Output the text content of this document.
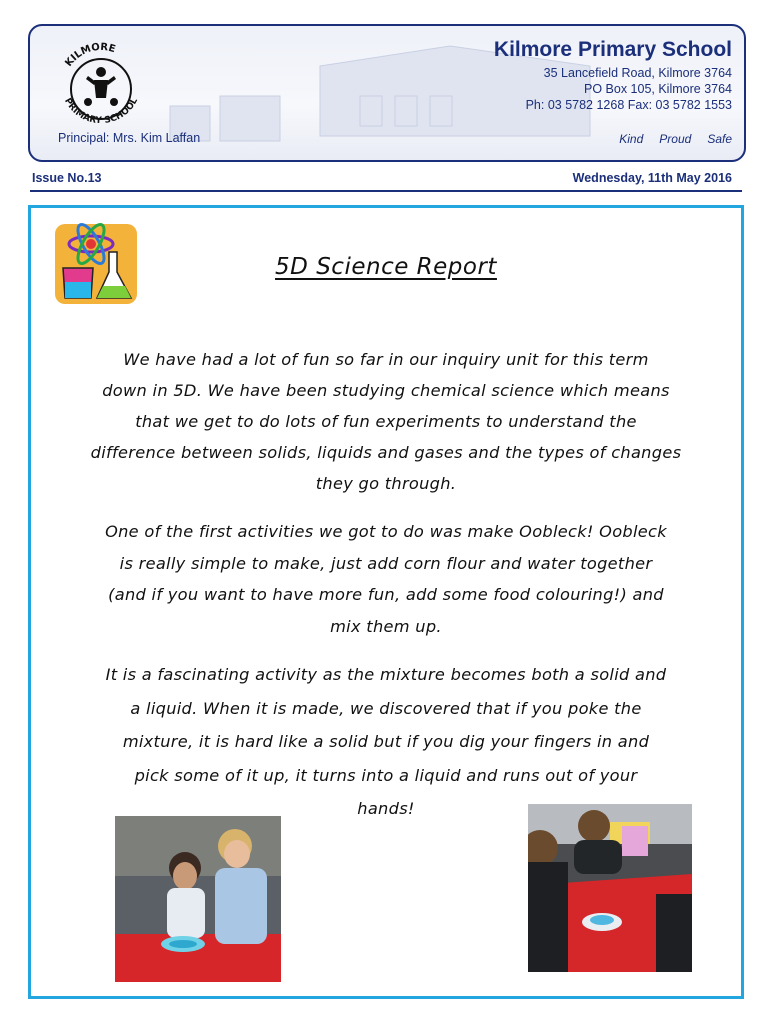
KILMORE
PRIMARY SCHOOL
Kilmore Primary School
35 Lancefield Road, Kilmore 3764
PO Box 105, Kilmore 3764
Ph: 03 5782 1268 Fax: 03 5782 1553
Principal: Mrs. Kim Laffan	Kind Proud Safe
Issue No.13	Wednesday, 11th May 2016
5D Science Report
We have had a lot of fun so far in our inquiry unit for this term
down in 5D. We have been studying chemical science which means
that we get to do lots of fun experiments to understand the
difference between solids, liquids and gases and the types of changes
they go through.
One of the first activities we got to do was make Oobleck! Oobleck
is really simple to make, just add corn flour and water together
(and if you want to have more fun, add some food colouring!) and
mix them up.
It is a fascinating activity as the mixture becomes both a solid and
a liquid. When it is made, we discovered that if you poke the
mixture, it is hard like a solid but if you dig your fingers in and
pick some of it up, it turns into a liquid and runs out of your
hands!
